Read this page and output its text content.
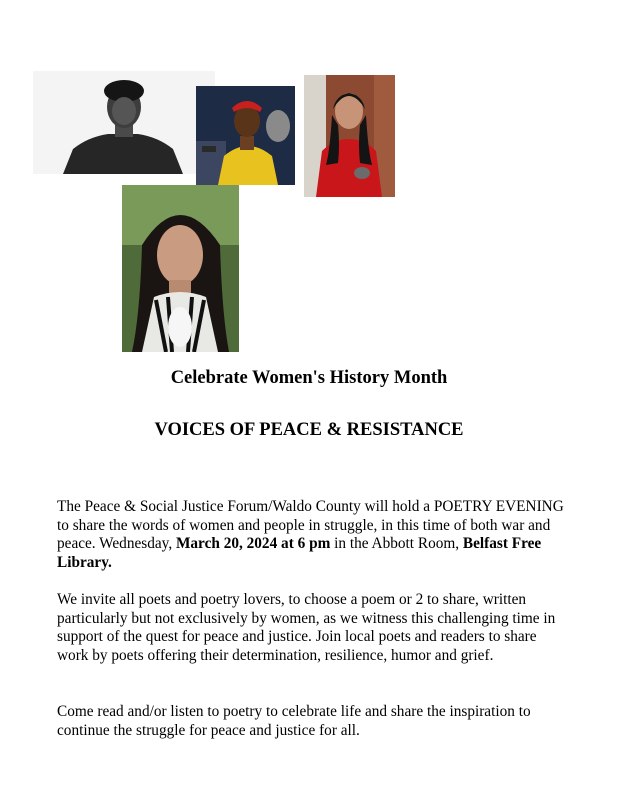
Celebrate Women's History Month
VOICES OF PEACE & RESISTANCE

The Peace & Social Justice Forum/Waldo County will hold a POETRY EVENING to share the words of women and people in struggle, in this time of both war and peace. Wednesday, March 20, 2024 at 6 pm in the Abbott Room, Belfast Free Library.

We invite all poets and poetry lovers, to choose a poem or 2 to share, written particularly but not exclusively by women, as we witness this challenging time in support of the quest for peace and justice. Join local poets and readers to share work by poets offering their determination, resilience, humor and grief.

Come read and/or listen to poetry to celebrate life and share the inspiration to continue the struggle for peace and justice for all.
